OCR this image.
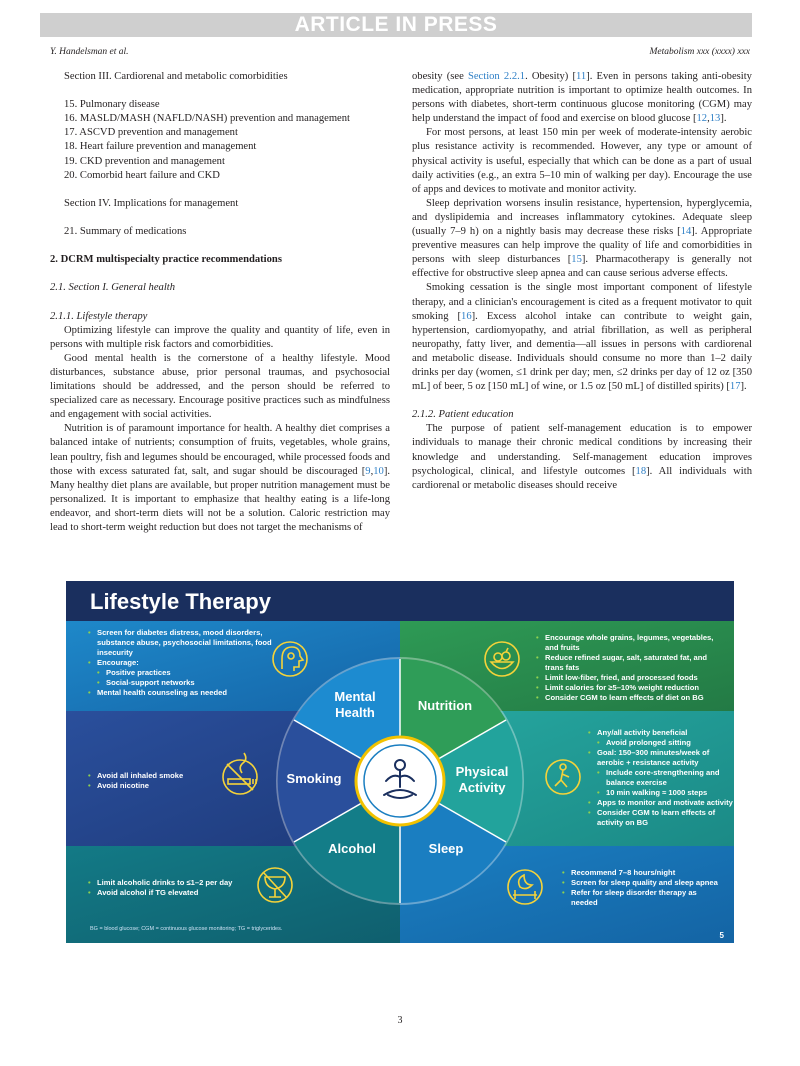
ARTICLE IN PRESS
Y. Handelsman et al.	Metabolism xxx (xxxx) xxx

Section III. Cardiorenal and metabolic comorbidities

15. Pulmonary disease
16. MASLD/MASH (NAFLD/NASH) prevention and management
17. ASCVD prevention and management
18. Heart failure prevention and management
19. CKD prevention and management
20. Comorbid heart failure and CKD

Section IV. Implications for management

21. Summary of medications

2. DCRM multispecialty practice recommendations

2.1. Section I. General health

2.1.1. Lifestyle therapy

Optimizing lifestyle can improve the quality and quantity of life, even in persons with multiple risk factors and comorbidities.

Good mental health is the cornerstone of a healthy lifestyle. Mood disturbances, substance abuse, prior personal traumas, and psychosocial limitations should be addressed, and the person should be referred to specialized care as necessary. Encourage positive practices such as mindfulness and engagement with social activities.

Nutrition is of paramount importance for health. A healthy diet comprises a balanced intake of nutrients; consumption of fruits, vegetables, whole grains, lean poultry, fish and legumes should be encouraged, while processed foods and those with excess saturated fat, salt, and sugar should be discouraged [9,10]. Many healthy diet plans are available, but proper nutrition management must be personalized. It is important to emphasize that healthy eating is a life-long endeavor, and short-term diets will not be a solution. Caloric restriction may lead to short-term weight reduction but does not target the mechanisms of

obesity (see Section 2.2.1. Obesity) [11]. Even in persons taking anti-obesity medication, appropriate nutrition is important to optimize health outcomes. In persons with diabetes, short-term continuous glucose monitoring (CGM) may help understand the impact of food and exercise on blood glucose [12,13].

For most persons, at least 150 min per week of moderate-intensity aerobic plus resistance activity is recommended. However, any type or amount of physical activity is useful, especially that which can be done as a part of usual daily activities (e.g., an extra 5–10 min of walking per day). Encourage the use of apps and devices to motivate and monitor activity.

Sleep deprivation worsens insulin resistance, hypertension, hyperglycemia, and dyslipidemia and increases inflammatory cytokines. Adequate sleep (usually 7–9 h) on a nightly basis may decrease these risks [14]. Appropriate preventive measures can help improve the quality of life and comorbidities in persons with sleep disturbances [15]. Pharmacotherapy is generally not effective for obstructive sleep apnea and can cause serious adverse effects.

Smoking cessation is the single most important component of lifestyle therapy, and a clinician's encouragement is cited as a frequent motivator to quit smoking [16]. Excess alcohol intake can contribute to weight gain, hypertension, cardiomyopathy, and atrial fibrillation, as well as peripheral neuropathy, fatty liver, and dementia—all issues in persons with cardiorenal and metabolic disease. Individuals should consume no more than 1–2 daily drinks per day (women, ≤1 drink per day; men, ≤2 drinks per day of 12 oz [350 mL] of beer, 5 oz [150 mL] of wine, or 1.5 oz [50 mL] of distilled spirits) [17].

2.1.2. Patient education

The purpose of patient self-management education is to empower individuals to manage their chronic medical conditions by increasing their knowledge and understanding. Self-management education improves psychological, clinical, and lifestyle outcomes [18]. All individuals with cardiorenal or metabolic diseases should receive

Lifestyle Therapy
• Screen for diabetes distress, mood disorders, substance abuse, psychosocial limitations, food insecurity
• Encourage:
• Positive practices
• Social-support networks
• Mental health counseling as needed
• Encourage whole grains, legumes, vegetables, and fruits
• Reduce refined sugar, salt, saturated fat, and trans fats
• Limit low-fiber, fried, and processed foods
• Limit calories for ≥5–10% weight reduction
• Consider CGM to learn effects of diet on BG
• Avoid all inhaled smoke
• Avoid nicotine
• Any/all activity beneficial
• Avoid prolonged sitting
• Goal: 150–300 minutes/week of aerobic + resistance activity
• Include core-strengthening and balance exercise
• 10 min walking ≈ 1000 steps
• Apps to monitor and motivate activity
• Consider CGM to learn effects of activity on BG
• Limit alcoholic drinks to ≤1–2 per day
• Avoid alcohol if TG elevated
• Recommend 7–8 hours/night
• Screen for sleep quality and sleep apnea
• Refer for sleep disorder therapy as needed
Mental
Health	Nutrition
Smoking	Physical
Activity
Alcohol	Sleep
BG = blood glucose; CGM = continuous glucose monitoring; TG = triglycerides.
5
3
